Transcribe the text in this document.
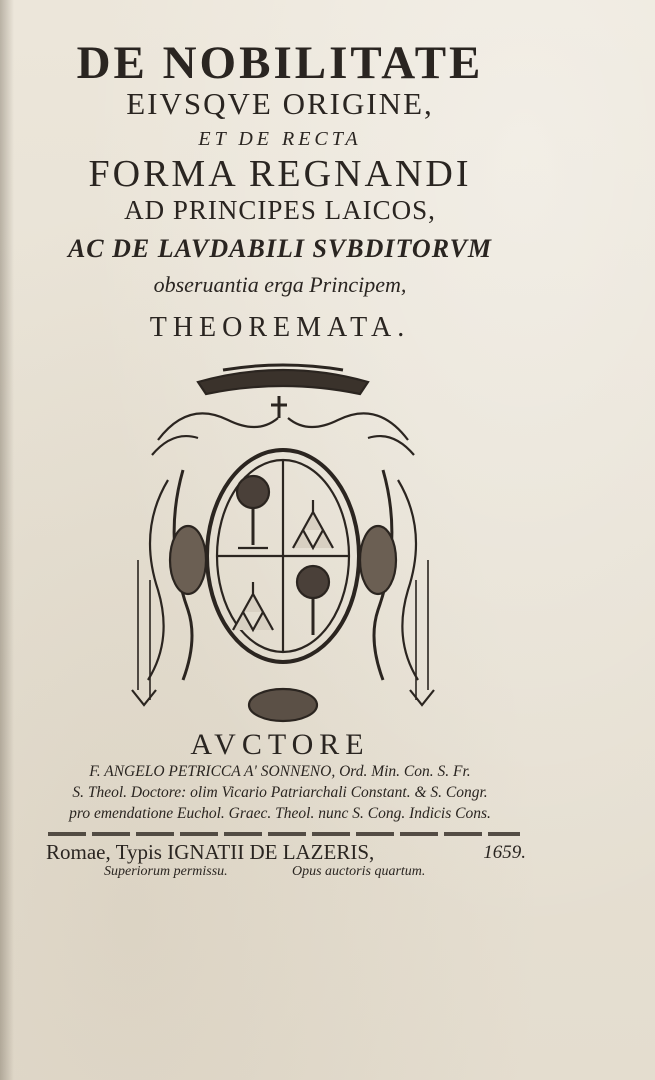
DE NOBILITATE
EIVSQVE ORIGINE,
ET DE RECTA
FORMA REGNANDI
AD PRINCIPES LAICOS,
AC DE LAVDABILI SVBDITORVM
obseruantia erga Principem,
THEOREMATA.
AVCTORE
F. ANGELO PETRICCA A' SONNENO, Ord. Min. Con. S. Fr.
S. Theol. Doctore: olim Vicario Patriarchali Constant. & S. Congr.
pro emendatione Euchol. Graec. Theol. nunc S. Cong. Indicis Cons.
Romae, Typis IGNATII DE LAZERIS,	1659.
Superiorum permissu.	Opus auctoris quartum.
